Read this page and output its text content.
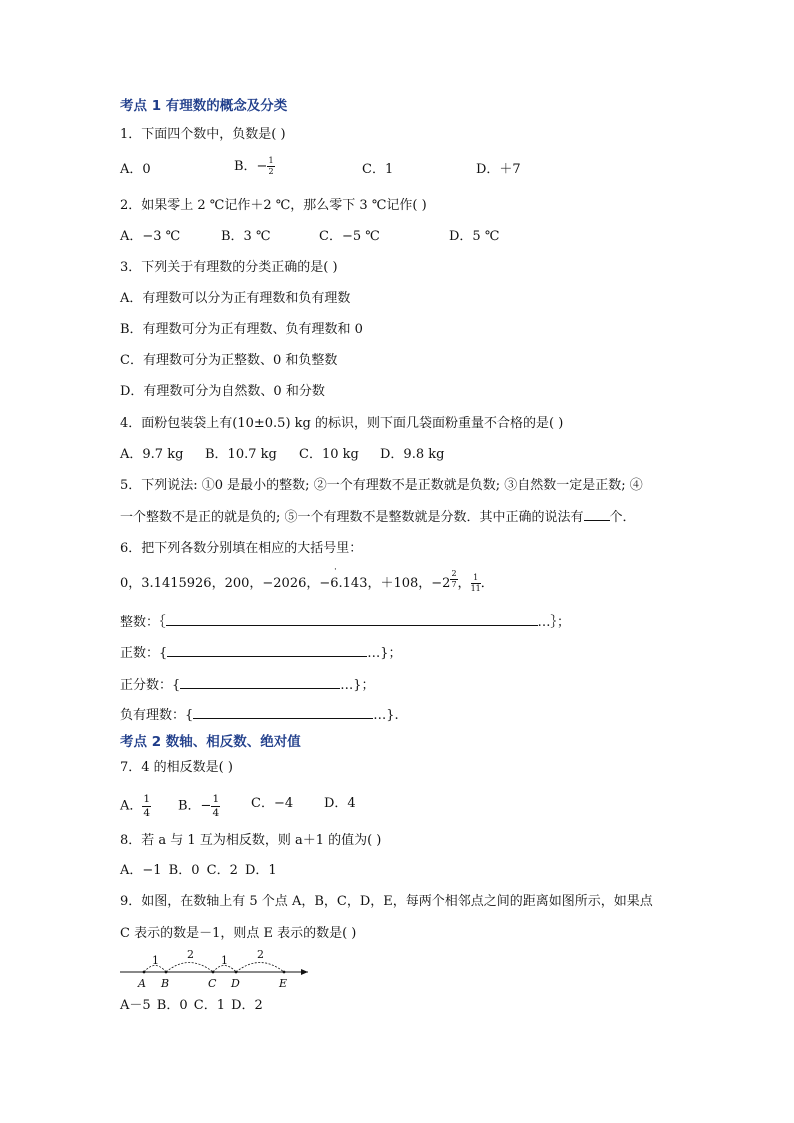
考点 1 有理数的概念及分类
1．下面四个数中，负数是( )
A．0	B．− $\frac{1}{2}$	C．1	D．＋7
2．如果零上 2 ℃记作＋2 ℃，那么零下 3 ℃记作( )
A．−3 ℃	B．3 ℃	C．−5 ℃	D．5 ℃
3．下列关于有理数的分类正确的是( )
A．有理数可以分为正有理数和负有理数
B．有理数可分为正有理数、负有理数和 0
C．有理数可分为正整数、0 和负整数
D．有理数可分为自然数、0 和分数
4．面粉包装袋上有(10±0.5) kg 的标识，则下面几袋面粉重量不合格的是( )
A．9.7 kg B．10.7 kg C．10 kg D．9.8 kg
5．下列说法: ①0 是最小的整数; ②一个有理数不是正数就是负数; ③自然数一定是正数; ④
一个整数不是正的就是负的; ⑤一个有理数不是整数就是分数．其中正确的说法有 个．
6．把下列各数分别填在相应的大括号里：
0，3.1415926，200，−2026，−6.143，＋108，$-2 \frac{2}{7}$ ， $\frac{1}{11}$ ．
·
整数：｛	…｝；
正数：{	…}；
正分数：{	…}；
负有理数：{	…}.
考点 2 数轴、相反数、绝对值
7．4 的相反数是( )
A． $\frac{1}{4}$ B．− $\frac{1}{4}$ C．−4 D．4
8．若 a 与 1 互为相反数，则 a＋1 的值为( )
A．−1 B．0 C．2 D．1
9．如图，在数轴上有 5 个点 A，B，C，D，E，每两个相邻点之间的距离如图所示，如果点
C 表示的数是－1，则点 E 表示的数是( )
1	2 1	2
A B	C D	E
A－5 B．0 C．1 D．2
